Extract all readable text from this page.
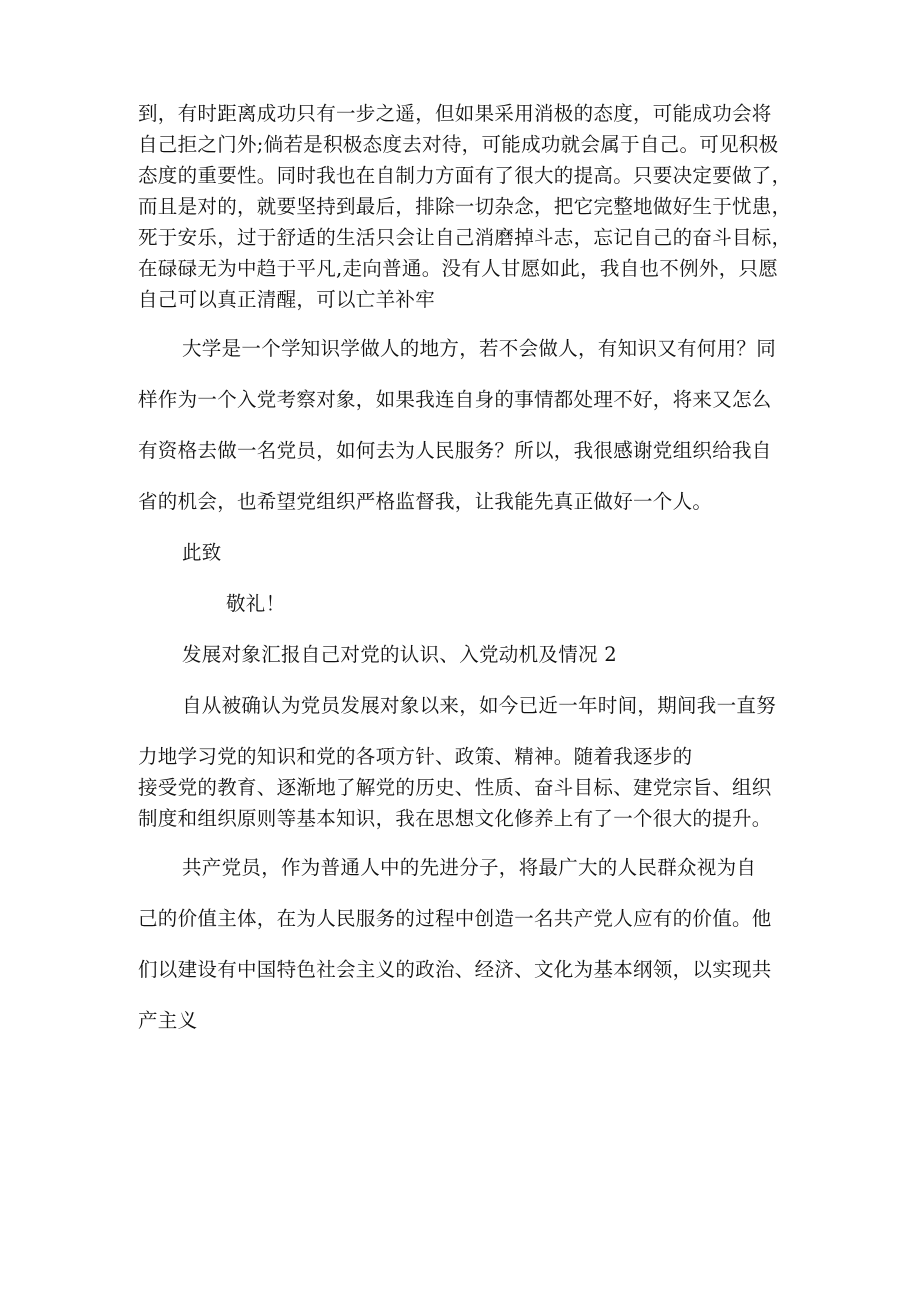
到，有时距离成功只有一步之遥，但如果采用消极的态度，可能成功会将
自己拒之门外;倘若是积极态度去对待，可能成功就会属于自己。可见积极
态度的重要性。同时我也在自制力方面有了很大的提高。只要决定要做了，
而且是对的，就要坚持到最后，排除一切杂念，把它完整地做好生于忧患，
死于安乐，过于舒适的生活只会让自己消磨掉斗志，忘记自己的奋斗目标，
在碌碌无为中趋于平凡,走向普通。没有人甘愿如此，我自也不例外，只愿
自己可以真正清醒，可以亡羊补牢
大学是一个学知识学做人的地方，若不会做人，有知识又有何用？同
样作为一个入党考察对象，如果我连自身的事情都处理不好，将来又怎么
有资格去做一名党员，如何去为人民服务？所以，我很感谢党组织给我自
省的机会，也希望党组织严格监督我，让我能先真正做好一个人。
此致
敬礼！
发展对象汇报自己对党的认识、入党动机及情况 2
自从被确认为党员发展对象以来，如今已近一年时间，期间我一直努
力地学习党的知识和党的各项方针、政策、精神。随着我逐步的
接受党的教育、逐渐地了解党的历史、性质、奋斗目标、建党宗旨、组织
制度和组织原则等基本知识，我在思想文化修养上有了一个很大的提升。
共产党员，作为普通人中的先进分子，将最广大的人民群众视为自
己的价值主体，在为人民服务的过程中创造一名共产党人应有的价值。他
们以建设有中国特色社会主义的政治、经济、文化为基本纲领，以实现共
产主义
